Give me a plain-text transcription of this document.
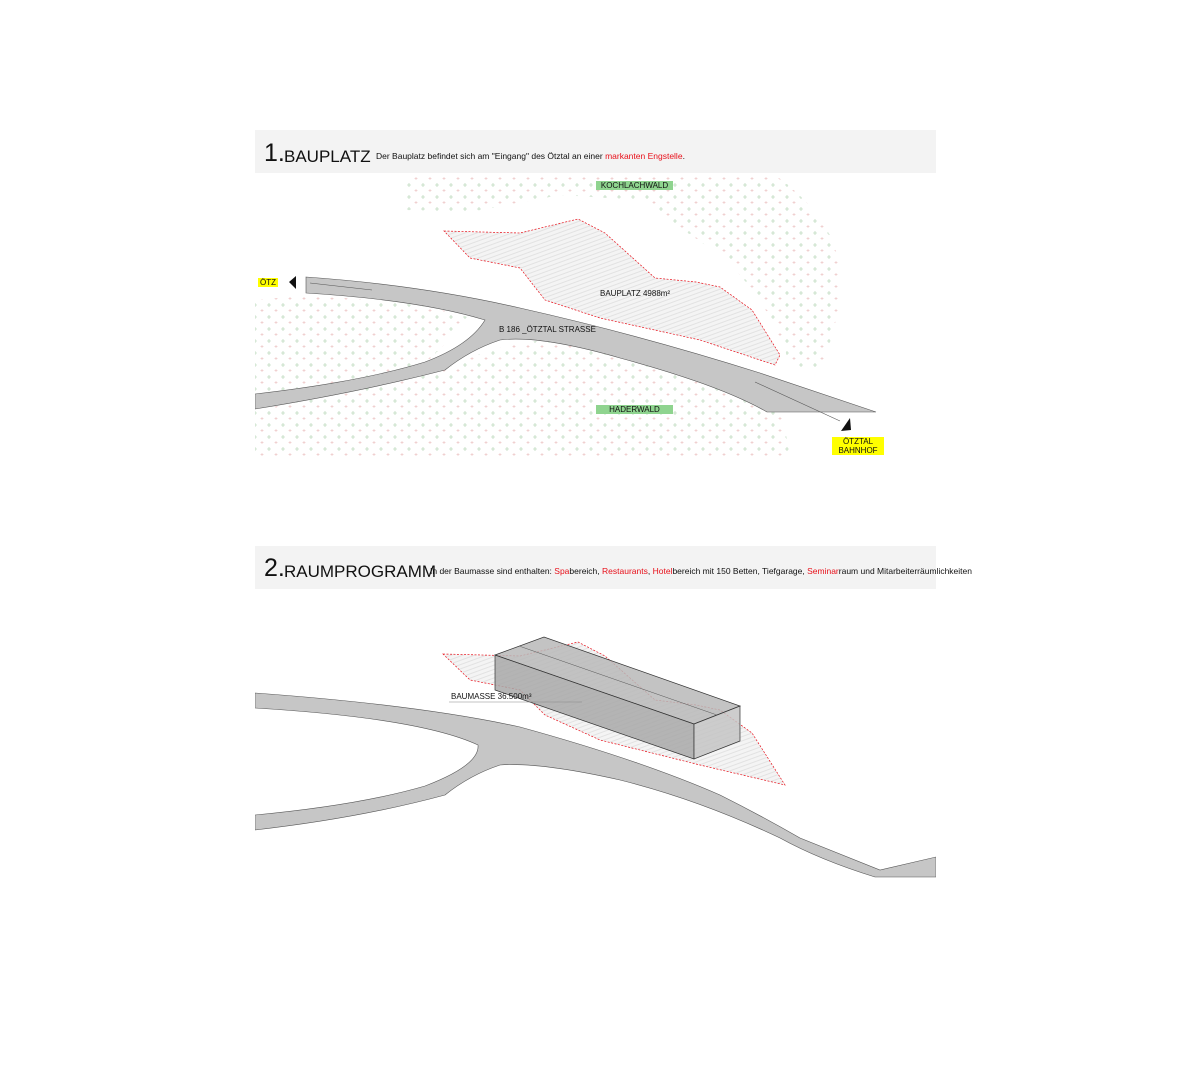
1. BAUPLATZ Der Bauplatz befindet sich am "Eingang" des Ötztal an einer markanten Engstelle.
2. RAUMPROGRAMM
In der Baumasse sind enthalten: Spabereich, Restaurants, Hotelbereich mit 150 Betten, Tiefgarage, Seminarraum und Mitarbeiterräumlichkeiten
KOCHLACHWALD
BAUPLATZ 4988m²
B 186 _ÖTZTAL STRASSE
HADERWALD
ÖTZ
ÖTZTAL
BAHNHOF
BAUMASSE 36.500m³
